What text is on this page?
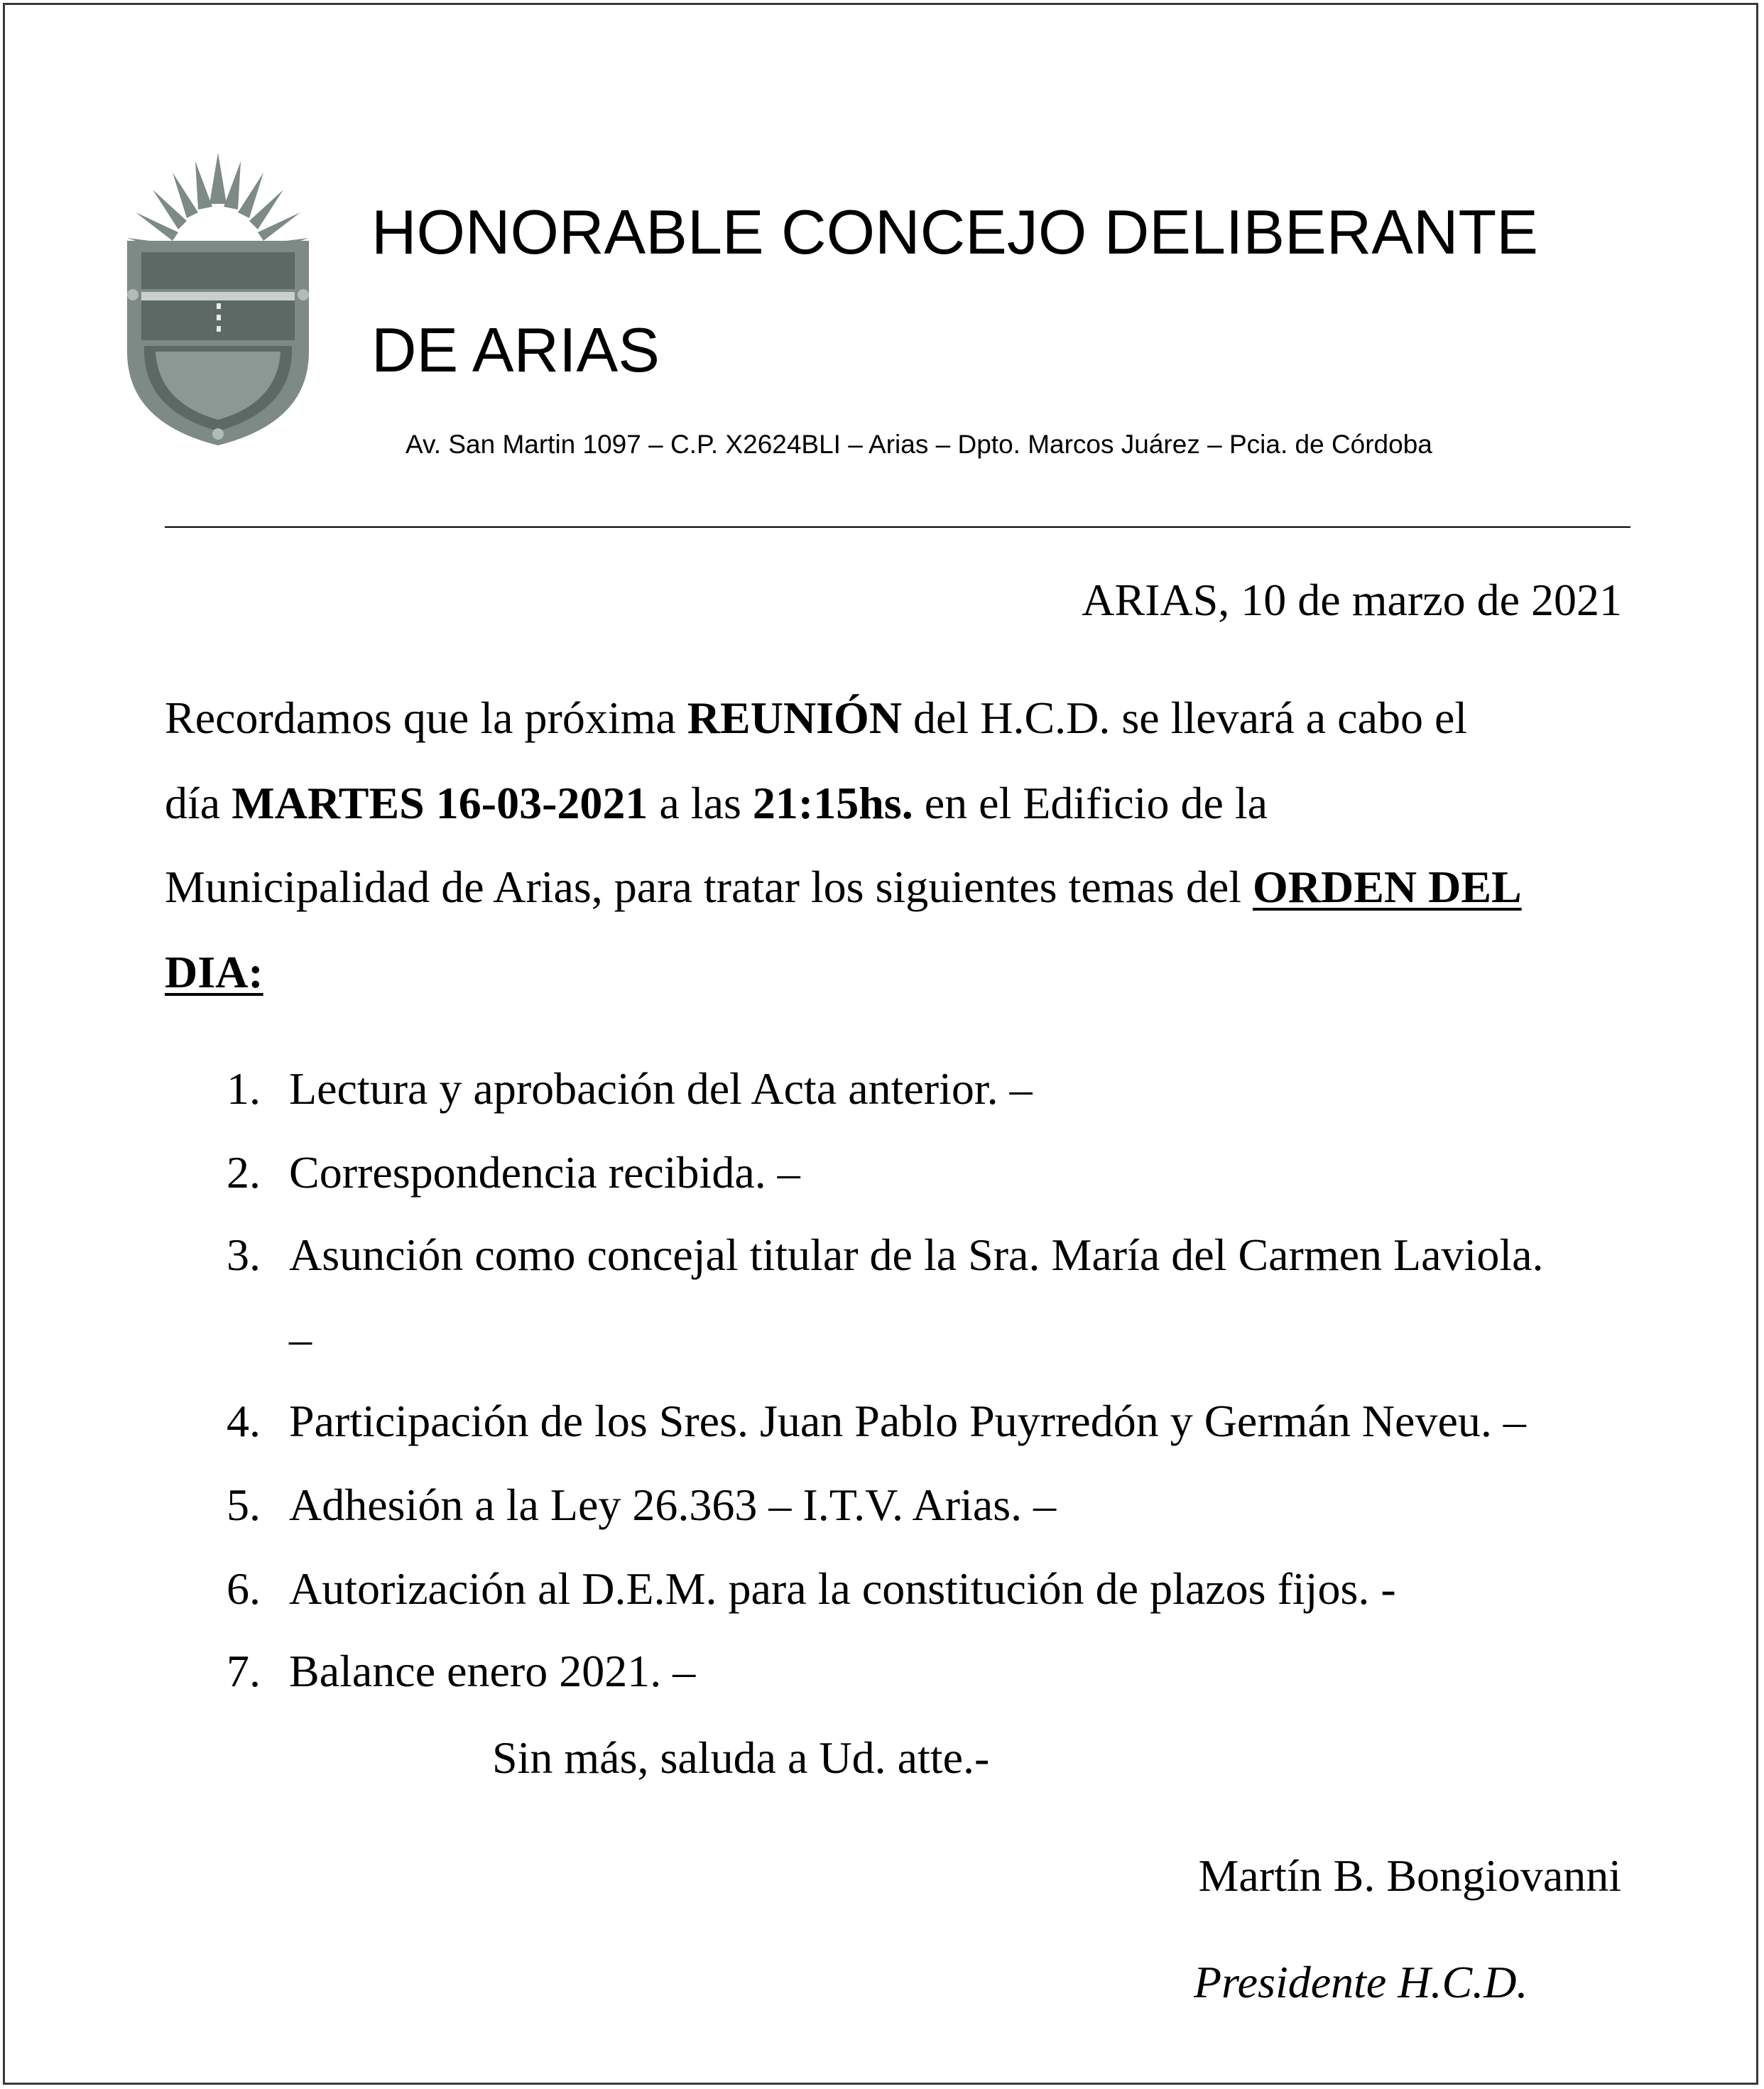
HONORABLE CONCEJO DELIBERANTE
DE ARIAS
Av. San Martin 1097 – C.P. X2624BLI – Arias – Dpto. Marcos Juárez – Pcia. de Córdoba
ARIAS, 10 de marzo de 2021
Recordamos que la próxima REUNIÓN del H.C.D. se llevará a cabo el
día MARTES 16-03-2021 a las 21:15hs. en el Edificio de la
Municipalidad de Arias, para tratar los siguientes temas del ORDEN DEL
DIA:
1. Lectura y aprobación del Acta anterior. –
2. Correspondencia recibida. –
3. Asunción como concejal titular de la Sra. María del Carmen Laviola.
–
4. Participación de los Sres. Juan Pablo Puyrredón y Germán Neveu. –
5. Adhesión a la Ley 26.363 – I.T.V. Arias. –
6. Autorización al D.E.M. para la constitución de plazos fijos. -
7. Balance enero 2021. –
Sin más, saluda a Ud. atte.-
Martín B. Bongiovanni
Presidente H.C.D.
